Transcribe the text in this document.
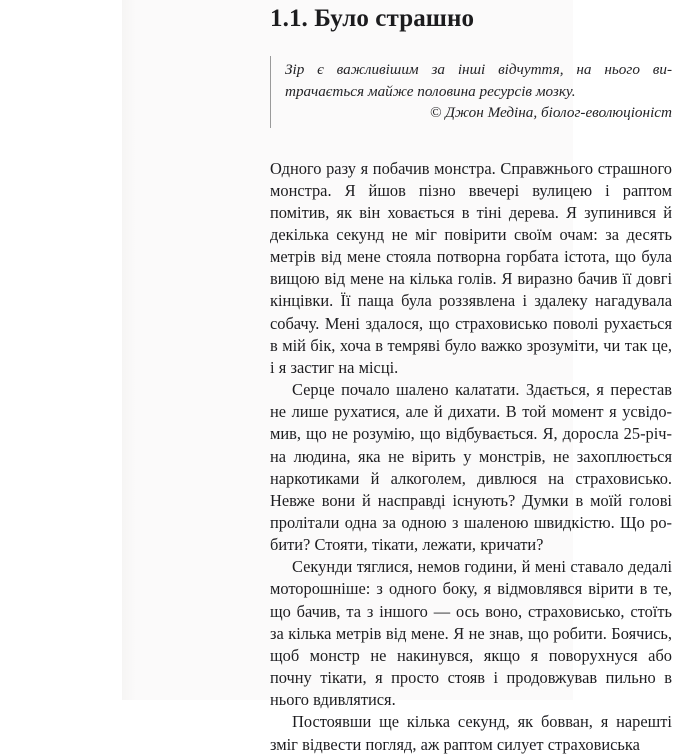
1.1. Було страшно
Зір є важливішим за інші відчуття, на нього витрачається майже половина ресурсів мозку.
© Джон Медіна, біолог-еволюціоніст

Одного разу я побачив монстра. Справжнього страшного монстра. Я йшов пізно ввечері вулицею і раптом помітив, як він ховається в тіні дерева. Я зупинився й декілька секунд не міг повірити своїм очам: за десять метрів від мене стояла потворна горбата істота, що була вищою від мене на кілька голів. Я виразно бачив її довгі кінцівки. Її паща була роззявлена і здалеку нагадувала собачу. Мені здалося, що страховисько поволі рухається в мій бік, хоча в темряві було важко зрозуміти, чи так це, і я застиг на місці.

Серце почало шалено калатати. Здається, я перестав не лише рухатися, але й дихати. В той момент я усвідомив, що не розумію, що відбувається. Я, доросла 25-річна людина, яка не вірить у монстрів, не захоплюється наркотиками й алкоголем, дивлюся на страховисько. Невже вони й насправді існують? Думки в моїй голові пролітали одна за одною з шаленою швидкістю. Що робити? Стояти, тікати, лежати, кричати?

Секунди тяглися, немов години, й мені ставало дедалі моторошніше: з одного боку, я відмовлявся вірити в те, що бачив, та з іншого — ось воно, страховисько, стоїть за кілька метрів від мене. Я не знав, що робити. Боячись, щоб монстр не накинувся, якщо я поворухнуся або почну тікати, я просто стояв і продовжував пильно в нього вдивлятися.

Постоявши ще кілька секунд, як бовван, я нарешті зміг відвести погляд, аж раптом силует страховиська
